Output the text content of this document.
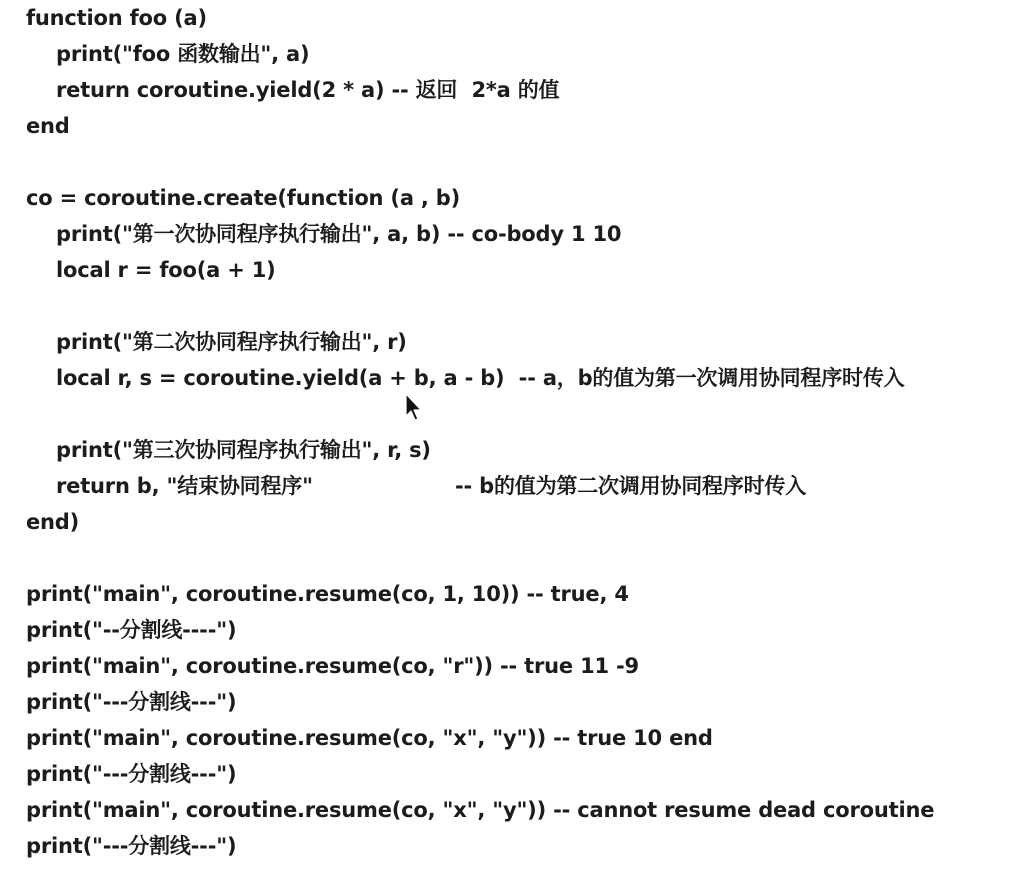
function foo (a)
print("foo 函数输出", a)
return coroutine.yield(2 * a) -- 返回  2*a 的值
end
co = coroutine.create(function (a , b)
print("第一次协同程序执行输出", a, b) -- co-body 1 10
local r = foo(a + 1)
print("第二次协同程序执行输出", r)
local r, s = coroutine.yield(a + b, a - b)  -- a，b的值为第一次调用协同程序时传入
print("第三次协同程序执行输出", r, s)
return b, "结束协同程序"                    -- b的值为第二次调用协同程序时传入
end)
print("main", coroutine.resume(co, 1, 10)) -- true, 4
print("--分割线----")
print("main", coroutine.resume(co, "r")) -- true 11 -9
print("---分割线---")
print("main", coroutine.resume(co, "x", "y")) -- true 10 end
print("---分割线---")
print("main", coroutine.resume(co, "x", "y")) -- cannot resume dead coroutine
print("---分割线---")
